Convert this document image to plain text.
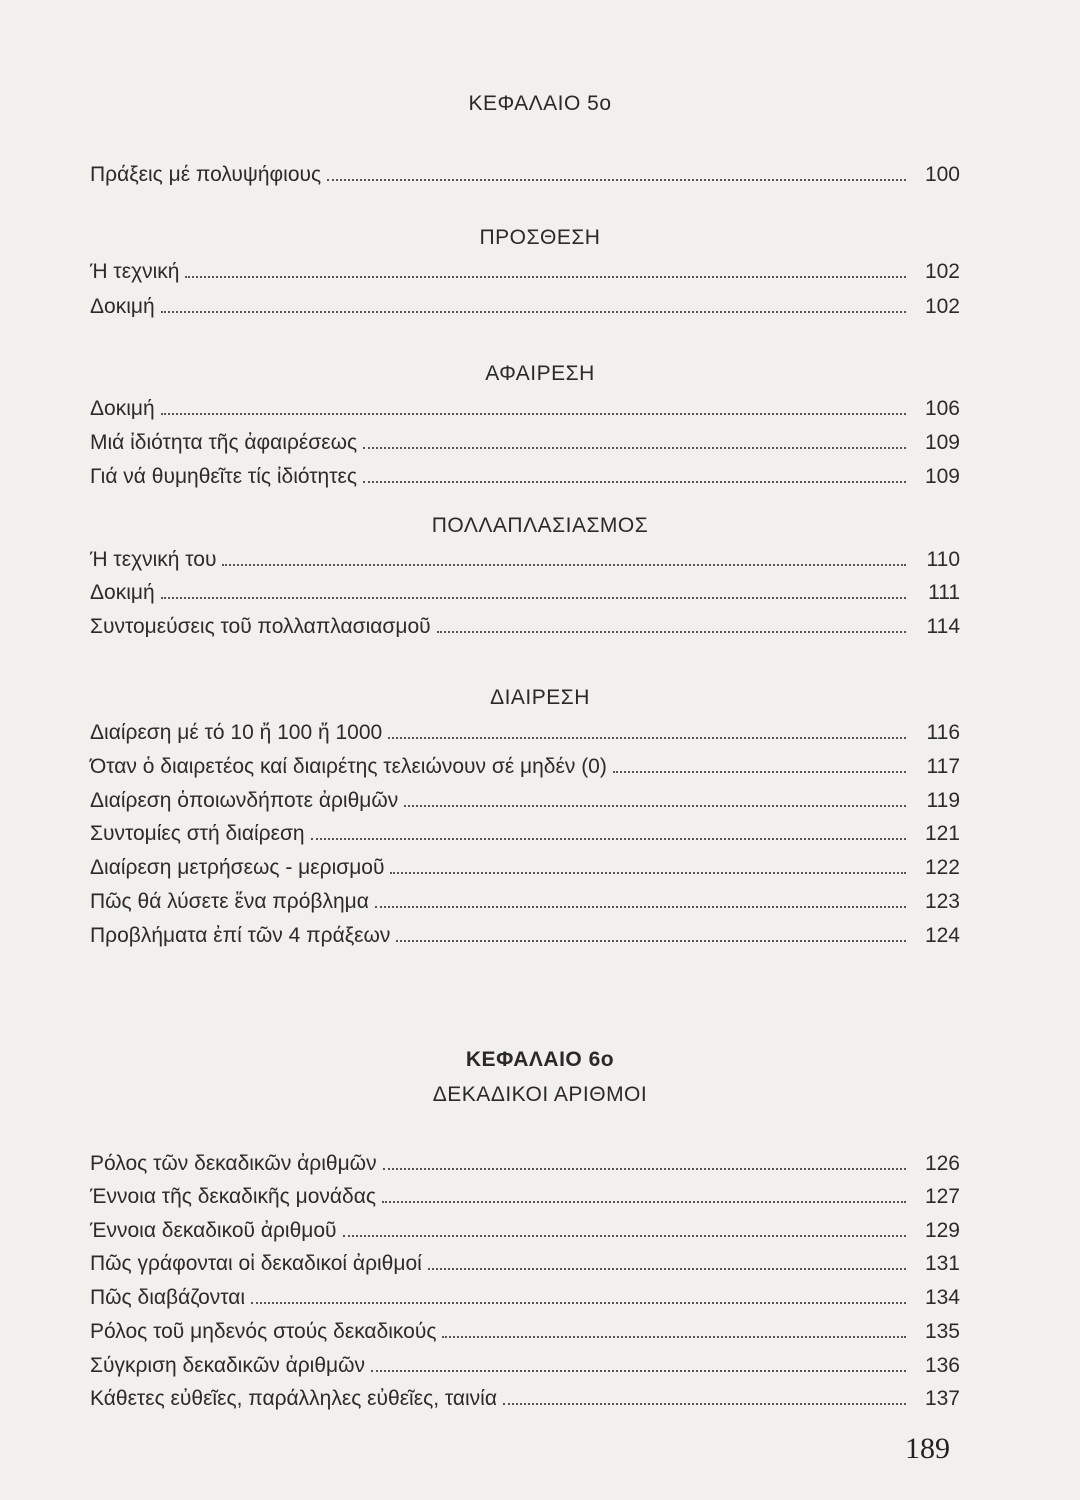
ΚΕΦΑΛΑΙΟ 5ο
Πράξεις μέ πολυψήφιους	100
ΠΡΟΣΘΕΣΗ
Ή τεχνική	102
Δοκιμή	102
ΑΦΑΙΡΕΣΗ
Δοκιμή	106
Μιά ἰδιότητα τῆς ἀφαιρέσεως	109
Γιά νά θυμηθεῖτε τίς ἰδιότητες	109
ΠΟΛΛΑΠΛΑΣΙΑΣΜΟΣ
Ή τεχνική του	110
Δοκιμή	111
Συντομεύσεις τοῦ πολλαπλασιασμοῦ	114
ΔΙΑΙΡΕΣΗ
Διαίρεση μέ τό 10 ἤ 100 ἤ 1000	116
Όταν ὁ διαιρετέος καί διαιρέτης τελειώνουν σέ μηδέν (0)	117
Διαίρεση ὁποιωνδήποτε ἀριθμῶν	119
Συντομίες στή διαίρεση	121
Διαίρεση μετρήσεως - μερισμοῦ	122
Πῶς θά λύσετε ἕνα πρόβλημα	123
Προβλήματα ἐπί τῶν 4 πράξεων	124
ΚΕΦΑΛΑΙΟ 6ο
ΔΕΚΑΔΙΚΟΙ ΑΡΙΘΜΟΙ
Ρόλος τῶν δεκαδικῶν ἀριθμῶν	126
Έννοια τῆς δεκαδικῆς μονάδας	127
Έννοια δεκαδικοῦ ἀριθμοῦ	129
Πῶς γράφονται οἱ δεκαδικοί ἀριθμοί	131
Πῶς διαβάζονται	134
Ρόλος τοῦ μηδενός στούς δεκαδικούς	135
Σύγκριση δεκαδικῶν ἀριθμῶν	136
Κάθετες εὐθεῖες, παράλληλες εὐθεῖες, ταινία	137
189
